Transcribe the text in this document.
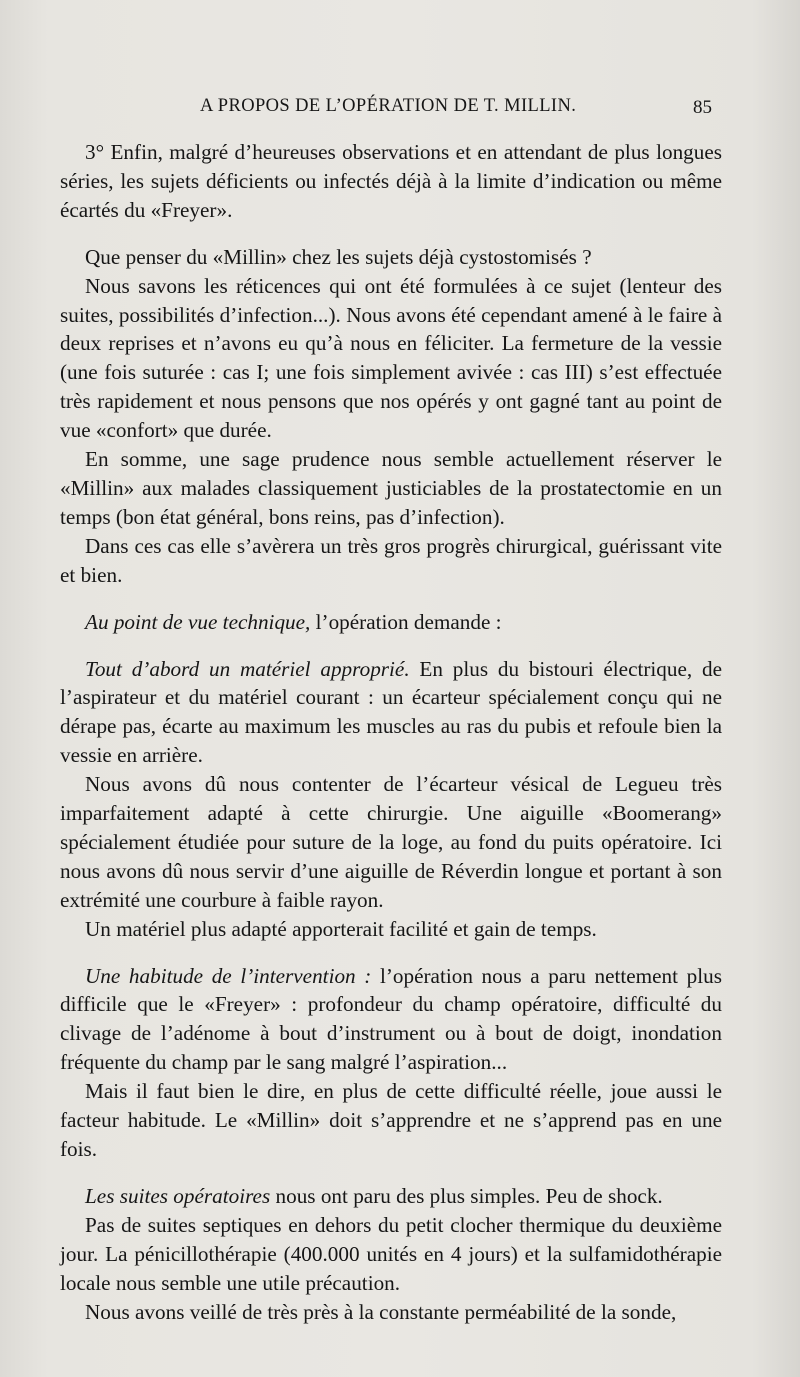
A PROPOS DE L’OPÉRATION DE T. MILLIN.	85

3° Enfin, malgré d’heureuses observations et en attendant de plus longues séries, les sujets déficients ou infectés déjà à la limite d’indication ou même écartés du «Freyer».

Que penser du «Millin» chez les sujets déjà cystostomisés ?

Nous savons les réticences qui ont été formulées à ce sujet (lenteur des suites, possibilités d’infection...). Nous avons été cependant amené à le faire à deux reprises et n’avons eu qu’à nous en féliciter. La fermeture de la vessie (une fois suturée : cas I; une fois simplement avivée : cas III) s’est effectuée très rapidement et nous pensons que nos opérés y ont gagné tant au point de vue «confort» que durée.

En somme, une sage prudence nous semble actuellement réserver le «Millin» aux malades classiquement justiciables de la prostatectomie en un temps (bon état général, bons reins, pas d’infection).

Dans ces cas elle s’avèrera un très gros progrès chirurgical, guérissant vite et bien.

Au point de vue technique, l’opération demande :

Tout d’abord un matériel approprié. En plus du bistouri électrique, de l’aspirateur et du matériel courant : un écarteur spécialement conçu qui ne dérape pas, écarte au maximum les muscles au ras du pubis et refoule bien la vessie en arrière.

Nous avons dû nous contenter de l’écarteur vésical de Legueu très imparfaitement adapté à cette chirurgie. Une aiguille «Boomerang» spécialement étudiée pour suture de la loge, au fond du puits opératoire. Ici nous avons dû nous servir d’une aiguille de Réverdin longue et portant à son extrémité une courbure à faible rayon.

Un matériel plus adapté apporterait facilité et gain de temps.

Une habitude de l’intervention : l’opération nous a paru nettement plus difficile que le «Freyer» : profondeur du champ opératoire, difficulté du clivage de l’adénome à bout d’instrument ou à bout de doigt, inondation fréquente du champ par le sang malgré l’aspiration...

Mais il faut bien le dire, en plus de cette difficulté réelle, joue aussi le facteur habitude. Le «Millin» doit s’apprendre et ne s’apprend pas en une fois.

Les suites opératoires nous ont paru des plus simples. Peu de shock.

Pas de suites septiques en dehors du petit clocher thermique du deuxième jour. La pénicillothérapie (400.000 unités en 4 jours) et la sulfamidothérapie locale nous semble une utile précaution.

Nous avons veillé de très près à la constante perméabilité de la sonde,
